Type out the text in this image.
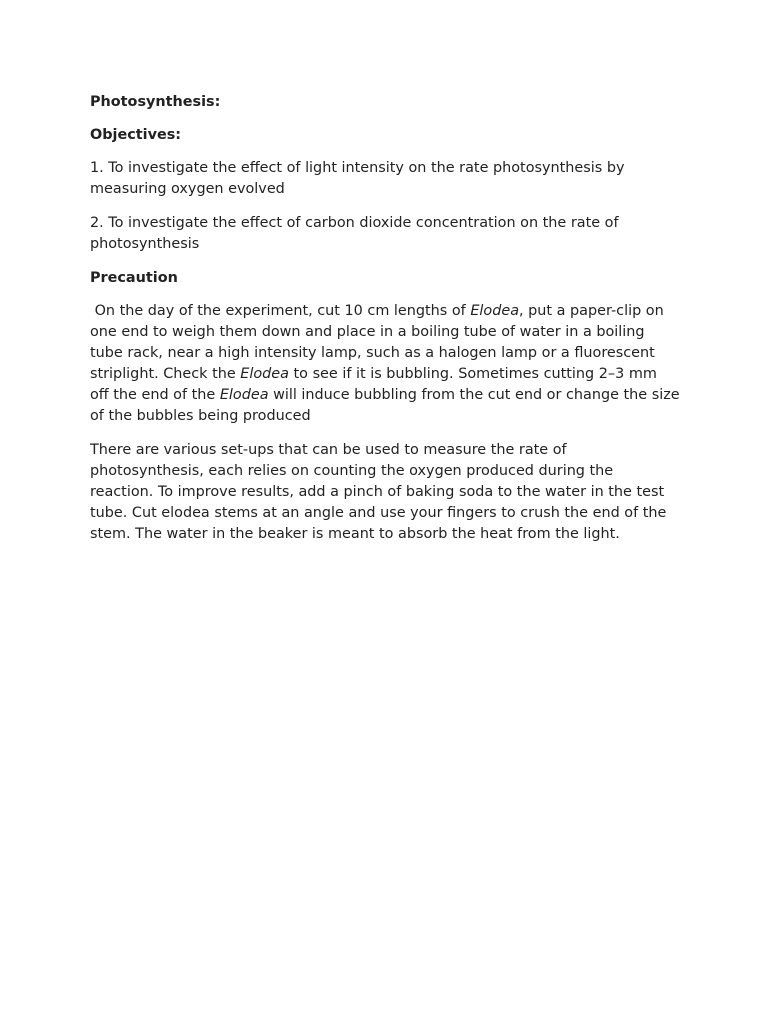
Photosynthesis:

Objectives:

1. To investigate the effect of light intensity on the rate photosynthesis by measuring oxygen evolved

2. To investigate the effect of carbon dioxide concentration on the rate of photosynthesis

Precaution

On the day of the experiment, cut 10 cm lengths of Elodea, put a paper-clip on one end to weigh them down and place in a boiling tube of water in a boiling tube rack, near a high intensity lamp, such as a halogen lamp or a fluorescent striplight. Check the Elodea to see if it is bubbling. Sometimes cutting 2–3 mm off the end of the Elodea will induce bubbling from the cut end or change the size of the bubbles being produced

There are various set-ups that can be used to measure the rate of photosynthesis, each relies on counting the oxygen produced during the reaction. To improve results, add a pinch of baking soda to the water in the test tube. Cut elodea stems at an angle and use your fingers to crush the end of the stem. The water in the beaker is meant to absorb the heat from the light.
